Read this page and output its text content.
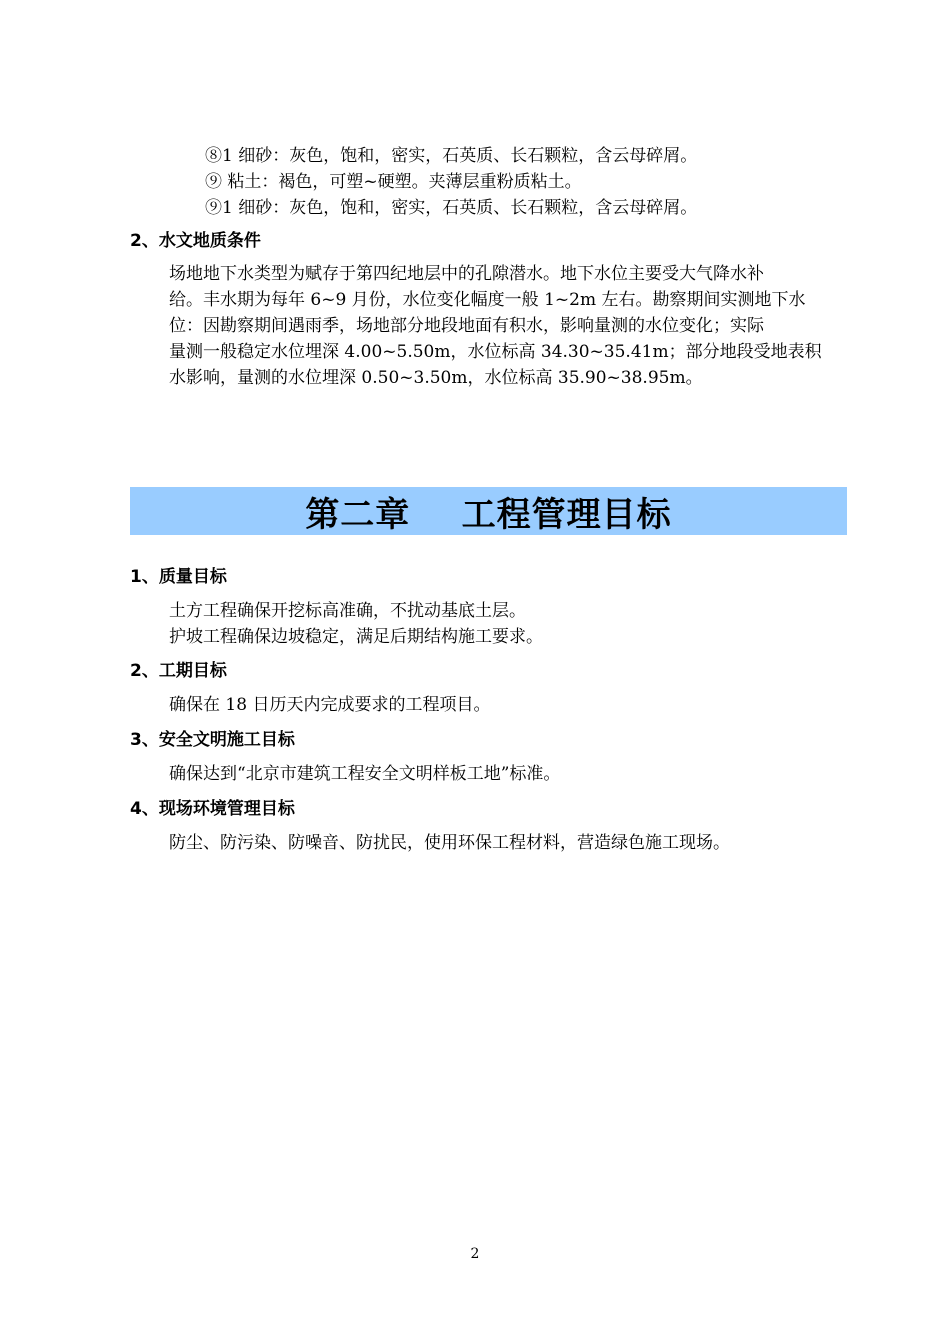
⑧1 细砂：灰色，饱和，密实，石英质、长石颗粒，含云母碎屑。
⑨ 粘土：褐色，可塑~硬塑。夹薄层重粉质粘土。
⑨1 细砂：灰色，饱和，密实，石英质、长石颗粒，含云母碎屑。
2、水文地质条件
场地地下水类型为赋存于第四纪地层中的孔隙潜水。地下水位主要受大气降水补
给。丰水期为每年 6~9 月份，水位变化幅度一般 1~2m 左右。勘察期间实测地下水
位：因勘察期间遇雨季，场地部分地段地面有积水，影响量测的水位变化；实际
量测一般稳定水位埋深 4.00~5.50m，水位标高 34.30~35.41m；部分地段受地表积
水影响，量测的水位埋深 0.50~3.50m，水位标高 35.90~38.95m。
第二章    工程管理目标
1、质量目标
土方工程确保开挖标高准确，不扰动基底土层。
护坡工程确保边坡稳定，满足后期结构施工要求。
2、工期目标
确保在 18 日历天内完成要求的工程项目。
3、安全文明施工目标
确保达到“北京市建筑工程安全文明样板工地”标准。
4、现场环境管理目标
防尘、防污染、防噪音、防扰民，使用环保工程材料，营造绿色施工现场。
2
